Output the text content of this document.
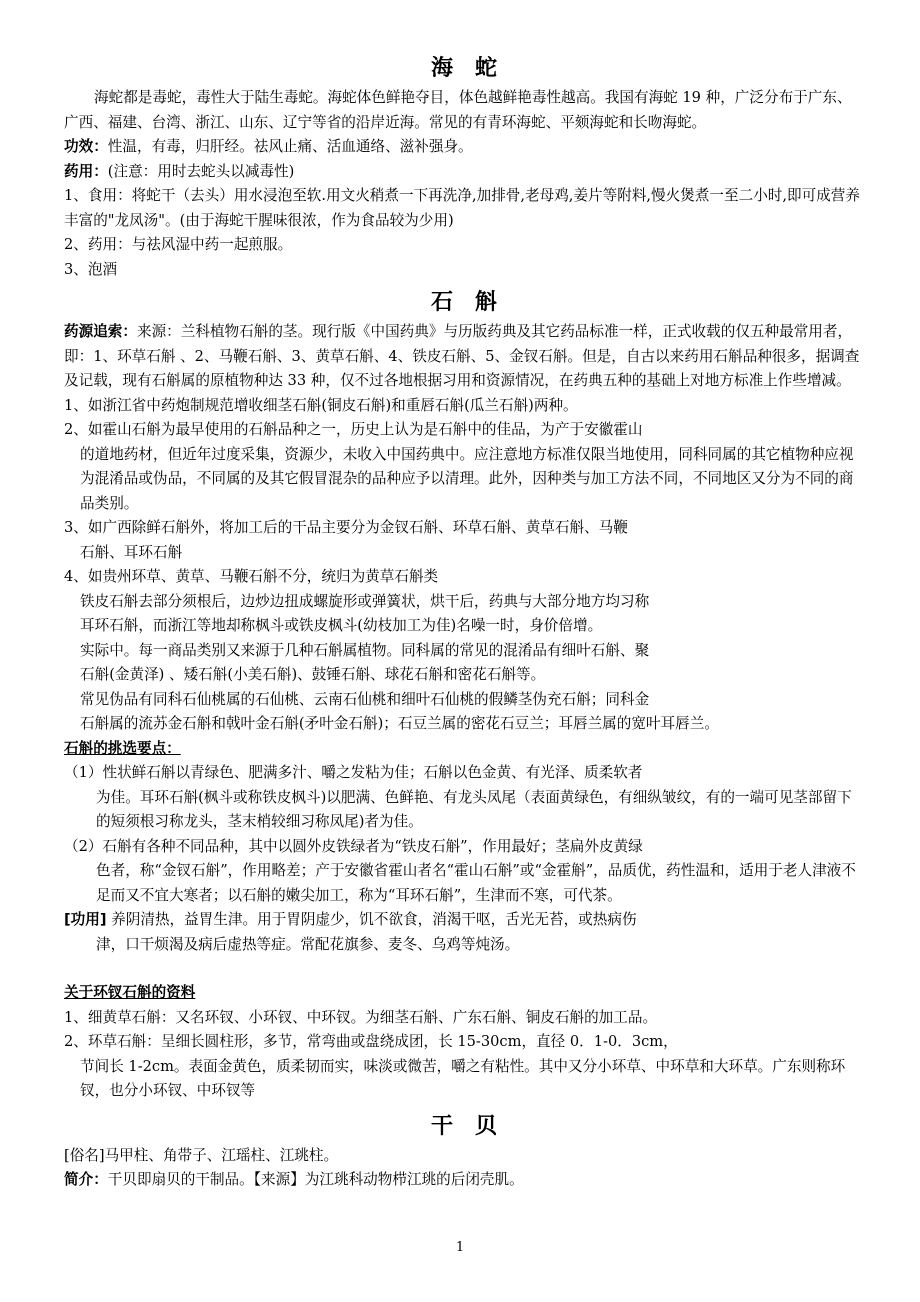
海蛇

海蛇都是毒蛇，毒性大于陆生毒蛇。海蛇体色鲜艳夺目，体色越鲜艳毒性越高。我国有海蛇 19 种，广泛分布于广东、广西、福建、台湾、浙江、山东、辽宁等省的沿岸近海。常见的有青环海蛇、平颏海蛇和长吻海蛇。

功效：性温，有毒，归肝经。祛风止痛、活血通络、滋补强身。

药用：(注意：用时去蛇头以减毒性)

1、食用：将蛇干（去头）用水浸泡至软.用文火稍煮一下再洗净,加排骨,老母鸡,姜片等附料,慢火煲煮一至二小时,即可成营养丰富的"龙凤汤"。(由于海蛇干腥味很浓，作为食品较为少用)

2、药用：与祛风湿中药一起煎服。

3、泡酒

石斛

药源追索：来源：兰科植物石斛的茎。现行版《中国药典》与历版药典及其它药品标准一样，正式收载的仅五种最常用者，即：1、环草石斛 、2、马鞭石斛、3、黄草石斛、4、铁皮石斛、5、金钗石斛。但是，自古以来药用石斛品种很多，据调查及记载，现有石斛属的原植物种达 33 种，仅不过各地根据习用和资源情况，在药典五种的基础上对地方标准上作些增减。

1、如浙江省中药炮制规范增收细茎石斛(铜皮石斛)和重唇石斛(瓜兰石斛)两种。

2、如霍山石斛为最早使用的石斛品种之一，历史上认为是石斛中的佳品，为产于安徽霍山

的道地药材，但近年过度采集，资源少，未收入中国药典中。应注意地方标准仅限当地使用，同科同属的其它植物种应视为混淆品或伪品，不同属的及其它假冒混杂的品种应予以清理。此外，因种类与加工方法不同，不同地区又分为不同的商品类别。

3、如广西除鲜石斛外，将加工后的干品主要分为金钗石斛、环草石斛、黄草石斛、马鞭

石斛、耳环石斛

4、如贵州环草、黄草、马鞭石斛不分，统归为黄草石斛类

铁皮石斛去部分须根后，边炒边扭成螺旋形或弹簧状，烘干后，药典与大部分地方均习称

耳环石斛，而浙江等地却称枫斗或铁皮枫斗(幼枝加工为佳)名噪一时，身价倍增。

实际中。每一商品类别又来源于几种石斛属植物。同科属的常见的混淆品有细叶石斛、聚

石斛(金黄泽) 、矮石斛(小美石斛)、鼓锤石斛、球花石斛和密花石斛等。

常见伪品有同科石仙桃属的石仙桃、云南石仙桃和细叶石仙桃的假鳞茎伪充石斛；同科金

石斛属的流苏金石斛和戟叶金石斛(矛叶金石斛)；石豆兰属的密花石豆兰；耳唇兰属的宽叶耳唇兰。

石斛的挑选要点：

（1）性状鲜石斛以青绿色、肥满多汁、嚼之发粘为佳；石斛以色金黄、有光泽、质柔软者

为佳。耳环石斛(枫斗或称铁皮枫斗)以肥满、色鲜艳、有龙头凤尾（表面黄绿色，有细纵皱纹，有的一端可见茎部留下的短须根习称龙头，茎末梢较细习称凤尾)者为佳。

（2）石斛有各种不同品种，其中以圆外皮铁绿者为“铁皮石斛”，作用最好；茎扁外皮黄绿

色者，称“金钗石斛”，作用略差；产于安徽省霍山者名“霍山石斛”或“金霍斛”，品质优，药性温和，适用于老人津液不足而又不宜大寒者；以石斛的嫩尖加工，称为“耳环石斛”，生津而不寒，可代茶。

[功用] 养阴清热，益胃生津。用于胃阴虚少，饥不欲食，消渴干呕，舌光无苔，或热病伤

津，口干烦渴及病后虚热等症。常配花旗参、麦冬、乌鸡等炖汤。

关于环钗石斛的资料

1、细黄草石斛：又名环钗、小环钗、中环钗。为细茎石斛、广东石斛、铜皮石斛的加工品。

2、环草石斛：呈细长圆柱形，多节，常弯曲或盘绕成团，长 15-30cm，直径 0．1-0．3cm，

节间长 1-2cm。表面金黄色，质柔韧而实，味淡或微苦，嚼之有粘性。其中又分小环草、中环草和大环草。广东则称环钗，也分小环钗、中环钗等

干贝

[俗名]马甲柱、角带子、江瑶柱、江珧柱。

简介：干贝即扇贝的干制品。【来源】为江珧科动物栉江珧的后闭壳肌。

1
